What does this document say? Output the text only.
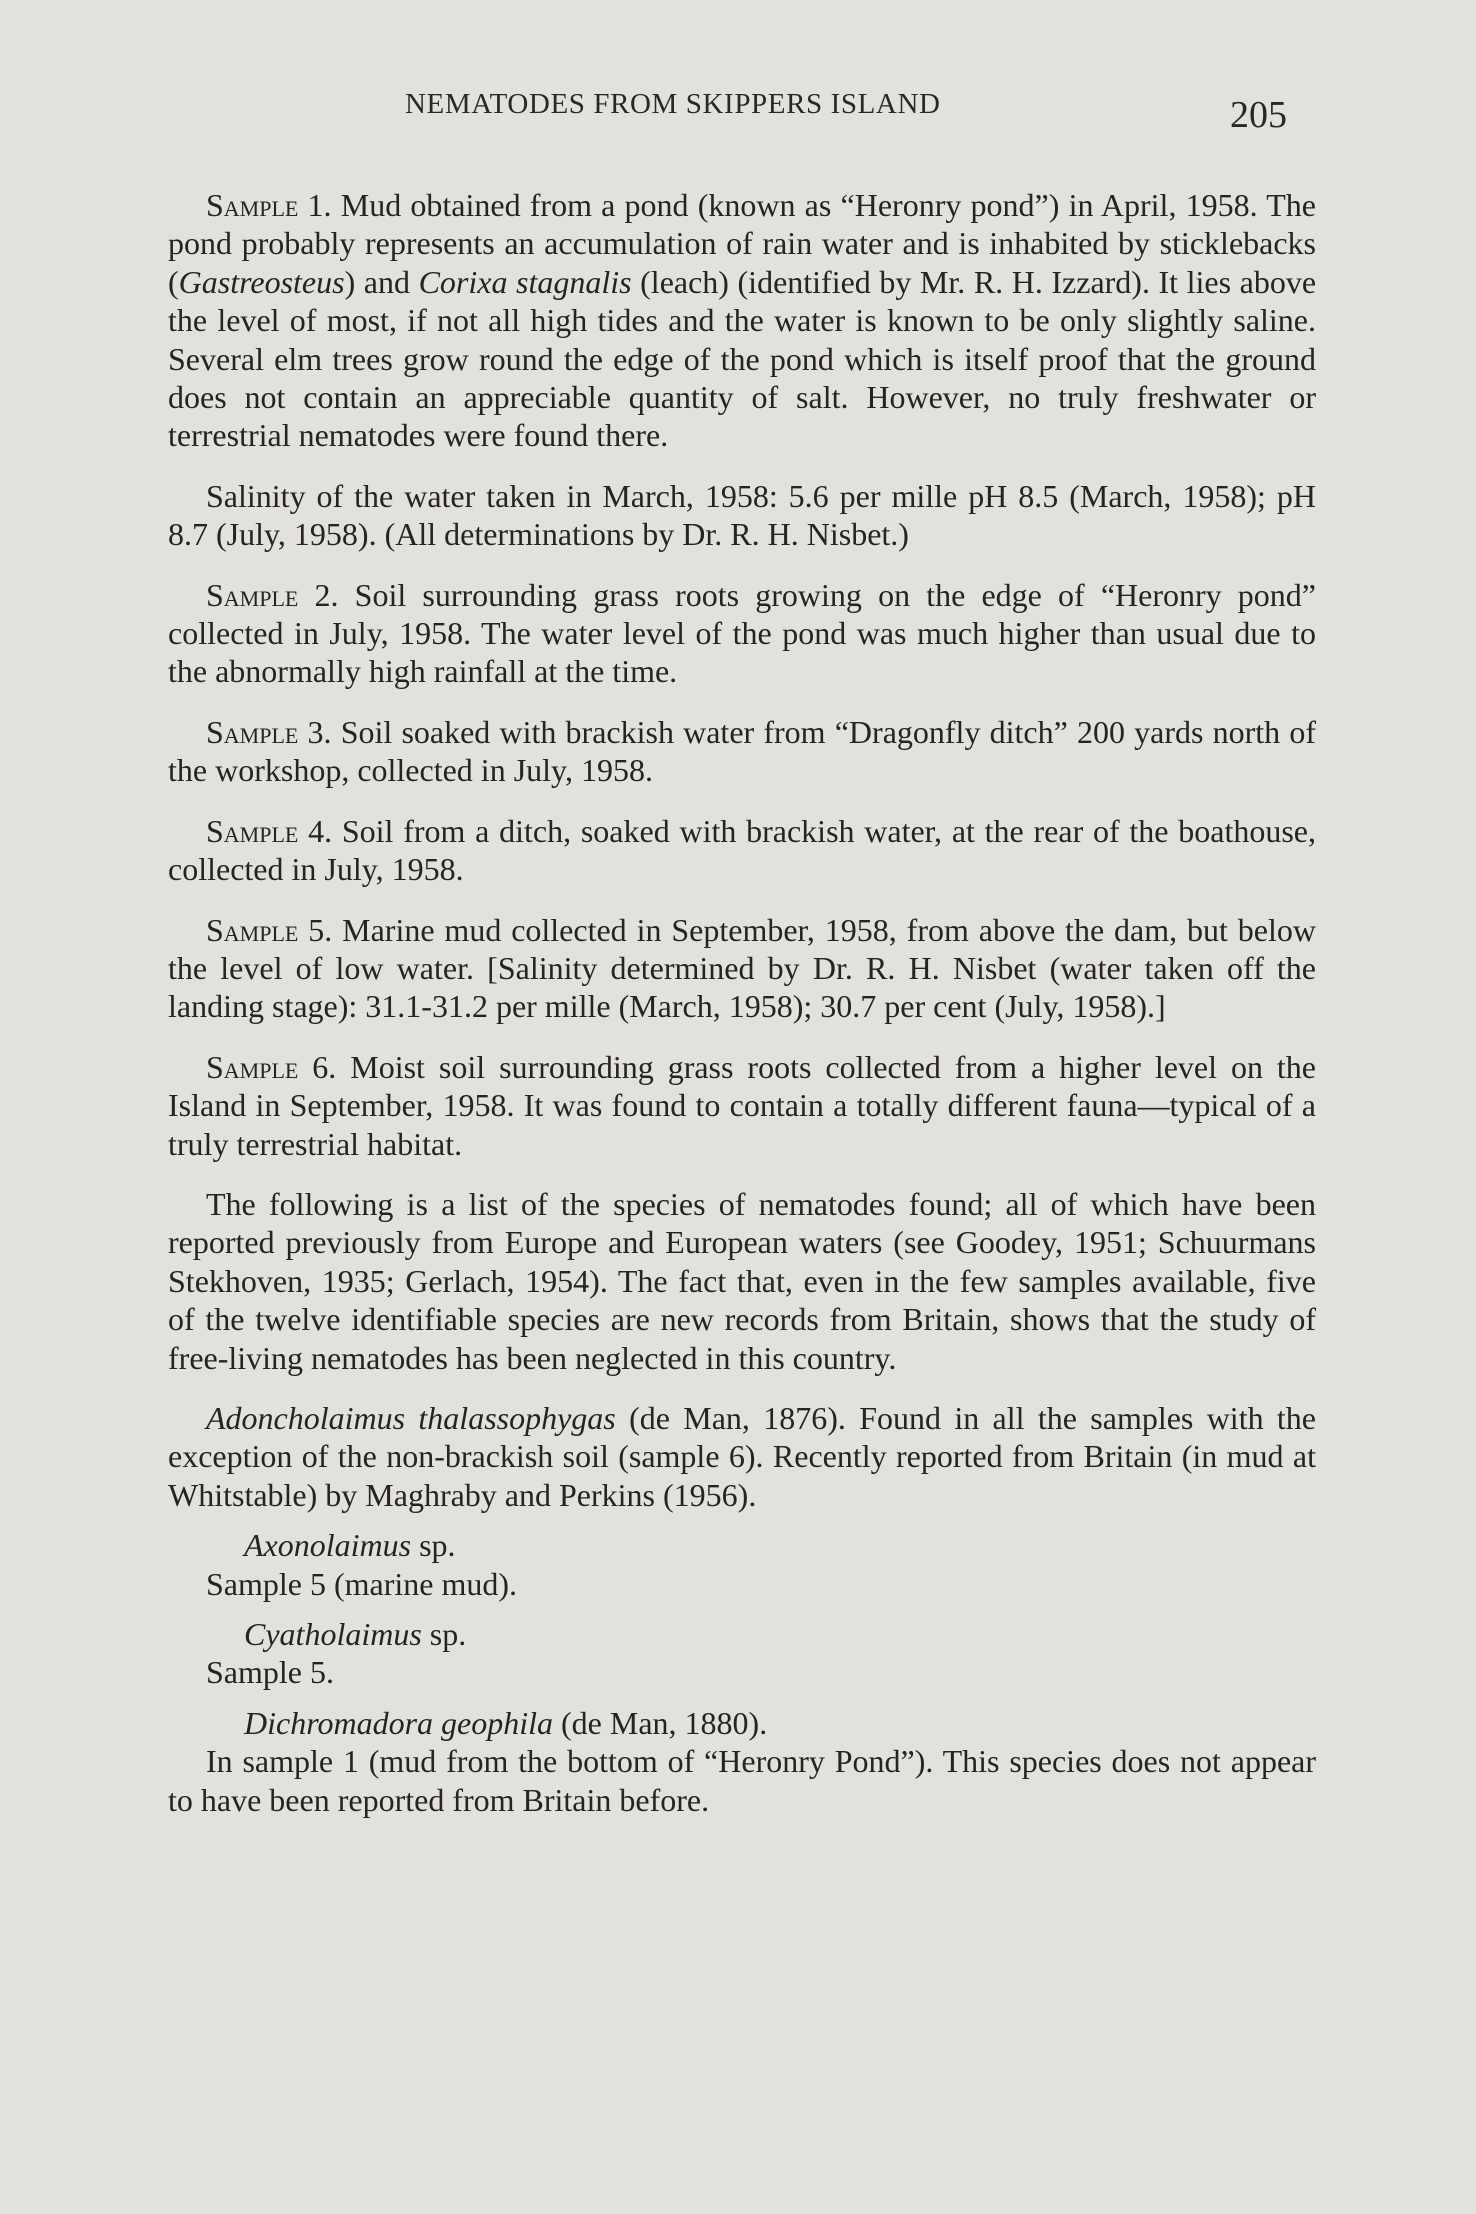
NEMATODES FROM SKIPPERS ISLAND	205

Sample 1. Mud obtained from a pond (known as “Heronry pond”) in April, 1958. The pond probably represents an accumulation of rain water and is inhabited by sticklebacks (Gastreosteus) and Corixa stagnalis (leach) (identified by Mr. R. H. Izzard). It lies above the level of most, if not all high tides and the water is known to be only slightly saline. Several elm trees grow round the edge of the pond which is itself proof that the ground does not contain an appreciable quantity of salt. However, no truly freshwater or terrestrial nematodes were found there.

Salinity of the water taken in March, 1958: 5.6 per mille pH 8.5 (March, 1958); pH 8.7 (July, 1958). (All determinations by Dr. R. H. Nisbet.)

Sample 2. Soil surrounding grass roots growing on the edge of “Heronry pond” collected in July, 1958. The water level of the pond was much higher than usual due to the abnormally high rainfall at the time.

Sample 3. Soil soaked with brackish water from “Dragonfly ditch” 200 yards north of the workshop, collected in July, 1958.

Sample 4. Soil from a ditch, soaked with brackish water, at the rear of the boathouse, collected in July, 1958.

Sample 5. Marine mud collected in September, 1958, from above the dam, but below the level of low water. [Salinity determined by Dr. R. H. Nisbet (water taken off the landing stage): 31.1-31.2 per mille (March, 1958); 30.7 per cent (July, 1958).]

Sample 6. Moist soil surrounding grass roots collected from a higher level on the Island in September, 1958. It was found to contain a totally different fauna—typical of a truly terrestrial habitat.

The following is a list of the species of nematodes found; all of which have been reported previously from Europe and European waters (see Goodey, 1951; Schuurmans Stekhoven, 1935; Gerlach, 1954). The fact that, even in the few samples available, five of the twelve identifiable species are new records from Britain, shows that the study of free-living nematodes has been neglected in this country.

Adoncholaimus thalassophygas (de Man, 1876). Found in all the samples with the exception of the non-brackish soil (sample 6). Recently reported from Britain (in mud at Whitstable) by Maghraby and Perkins (1956).

Axonolaimus sp.

Sample 5 (marine mud).

Cyatholaimus sp.

Sample 5.

Dichromadora geophila (de Man, 1880).

In sample 1 (mud from the bottom of “Heronry Pond”). This species does not appear to have been reported from Britain before.
